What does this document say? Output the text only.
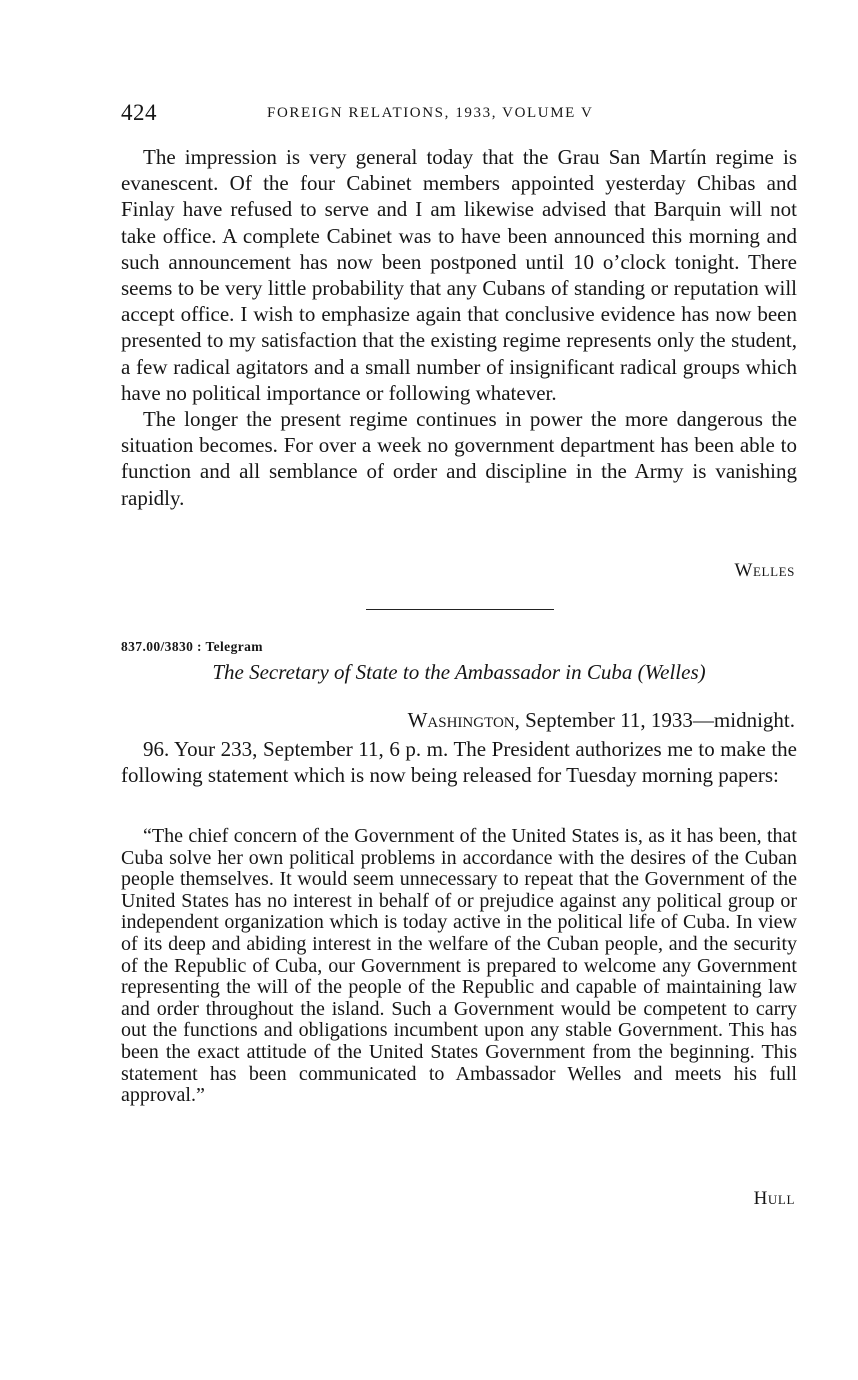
424	FOREIGN RELATIONS, 1933, VOLUME V

The impression is very general today that the Grau San Martín regime is evanescent. Of the four Cabinet members appointed yesterday Chibas and Finlay have refused to serve and I am likewise advised that Barquin will not take office. A complete Cabinet was to have been announced this morning and such announcement has now been postponed until 10 o’clock tonight. There seems to be very little probability that any Cubans of standing or reputation will accept office. I wish to emphasize again that conclusive evidence has now been presented to my satisfaction that the existing regime represents only the student, a few radical agitators and a small number of insignificant radical groups which have no political importance or following whatever.

The longer the present regime continues in power the more dangerous the situation becomes. For over a week no government department has been able to function and all semblance of order and discipline in the Army is vanishing rapidly.

Welles
837.00/3830 : Telegram
The Secretary of State to the Ambassador in Cuba (Welles)
Washington, September 11, 1933—midnight.

96. Your 233, September 11, 6 p. m. The President authorizes me to make the following statement which is now being released for Tuesday morning papers:

“The chief concern of the Government of the United States is, as it has been, that Cuba solve her own political problems in accordance with the desires of the Cuban people themselves. It would seem unnecessary to repeat that the Government of the United States has no interest in behalf of or prejudice against any political group or independent organization which is today active in the political life of Cuba. In view of its deep and abiding interest in the welfare of the Cuban people, and the security of the Republic of Cuba, our Government is prepared to welcome any Government representing the will of the people of the Republic and capable of maintaining law and order throughout the island. Such a Government would be competent to carry out the functions and obligations incumbent upon any stable Government. This has been the exact attitude of the United States Government from the beginning. This statement has been communicated to Ambassador Welles and meets his full approval.”

Hull
